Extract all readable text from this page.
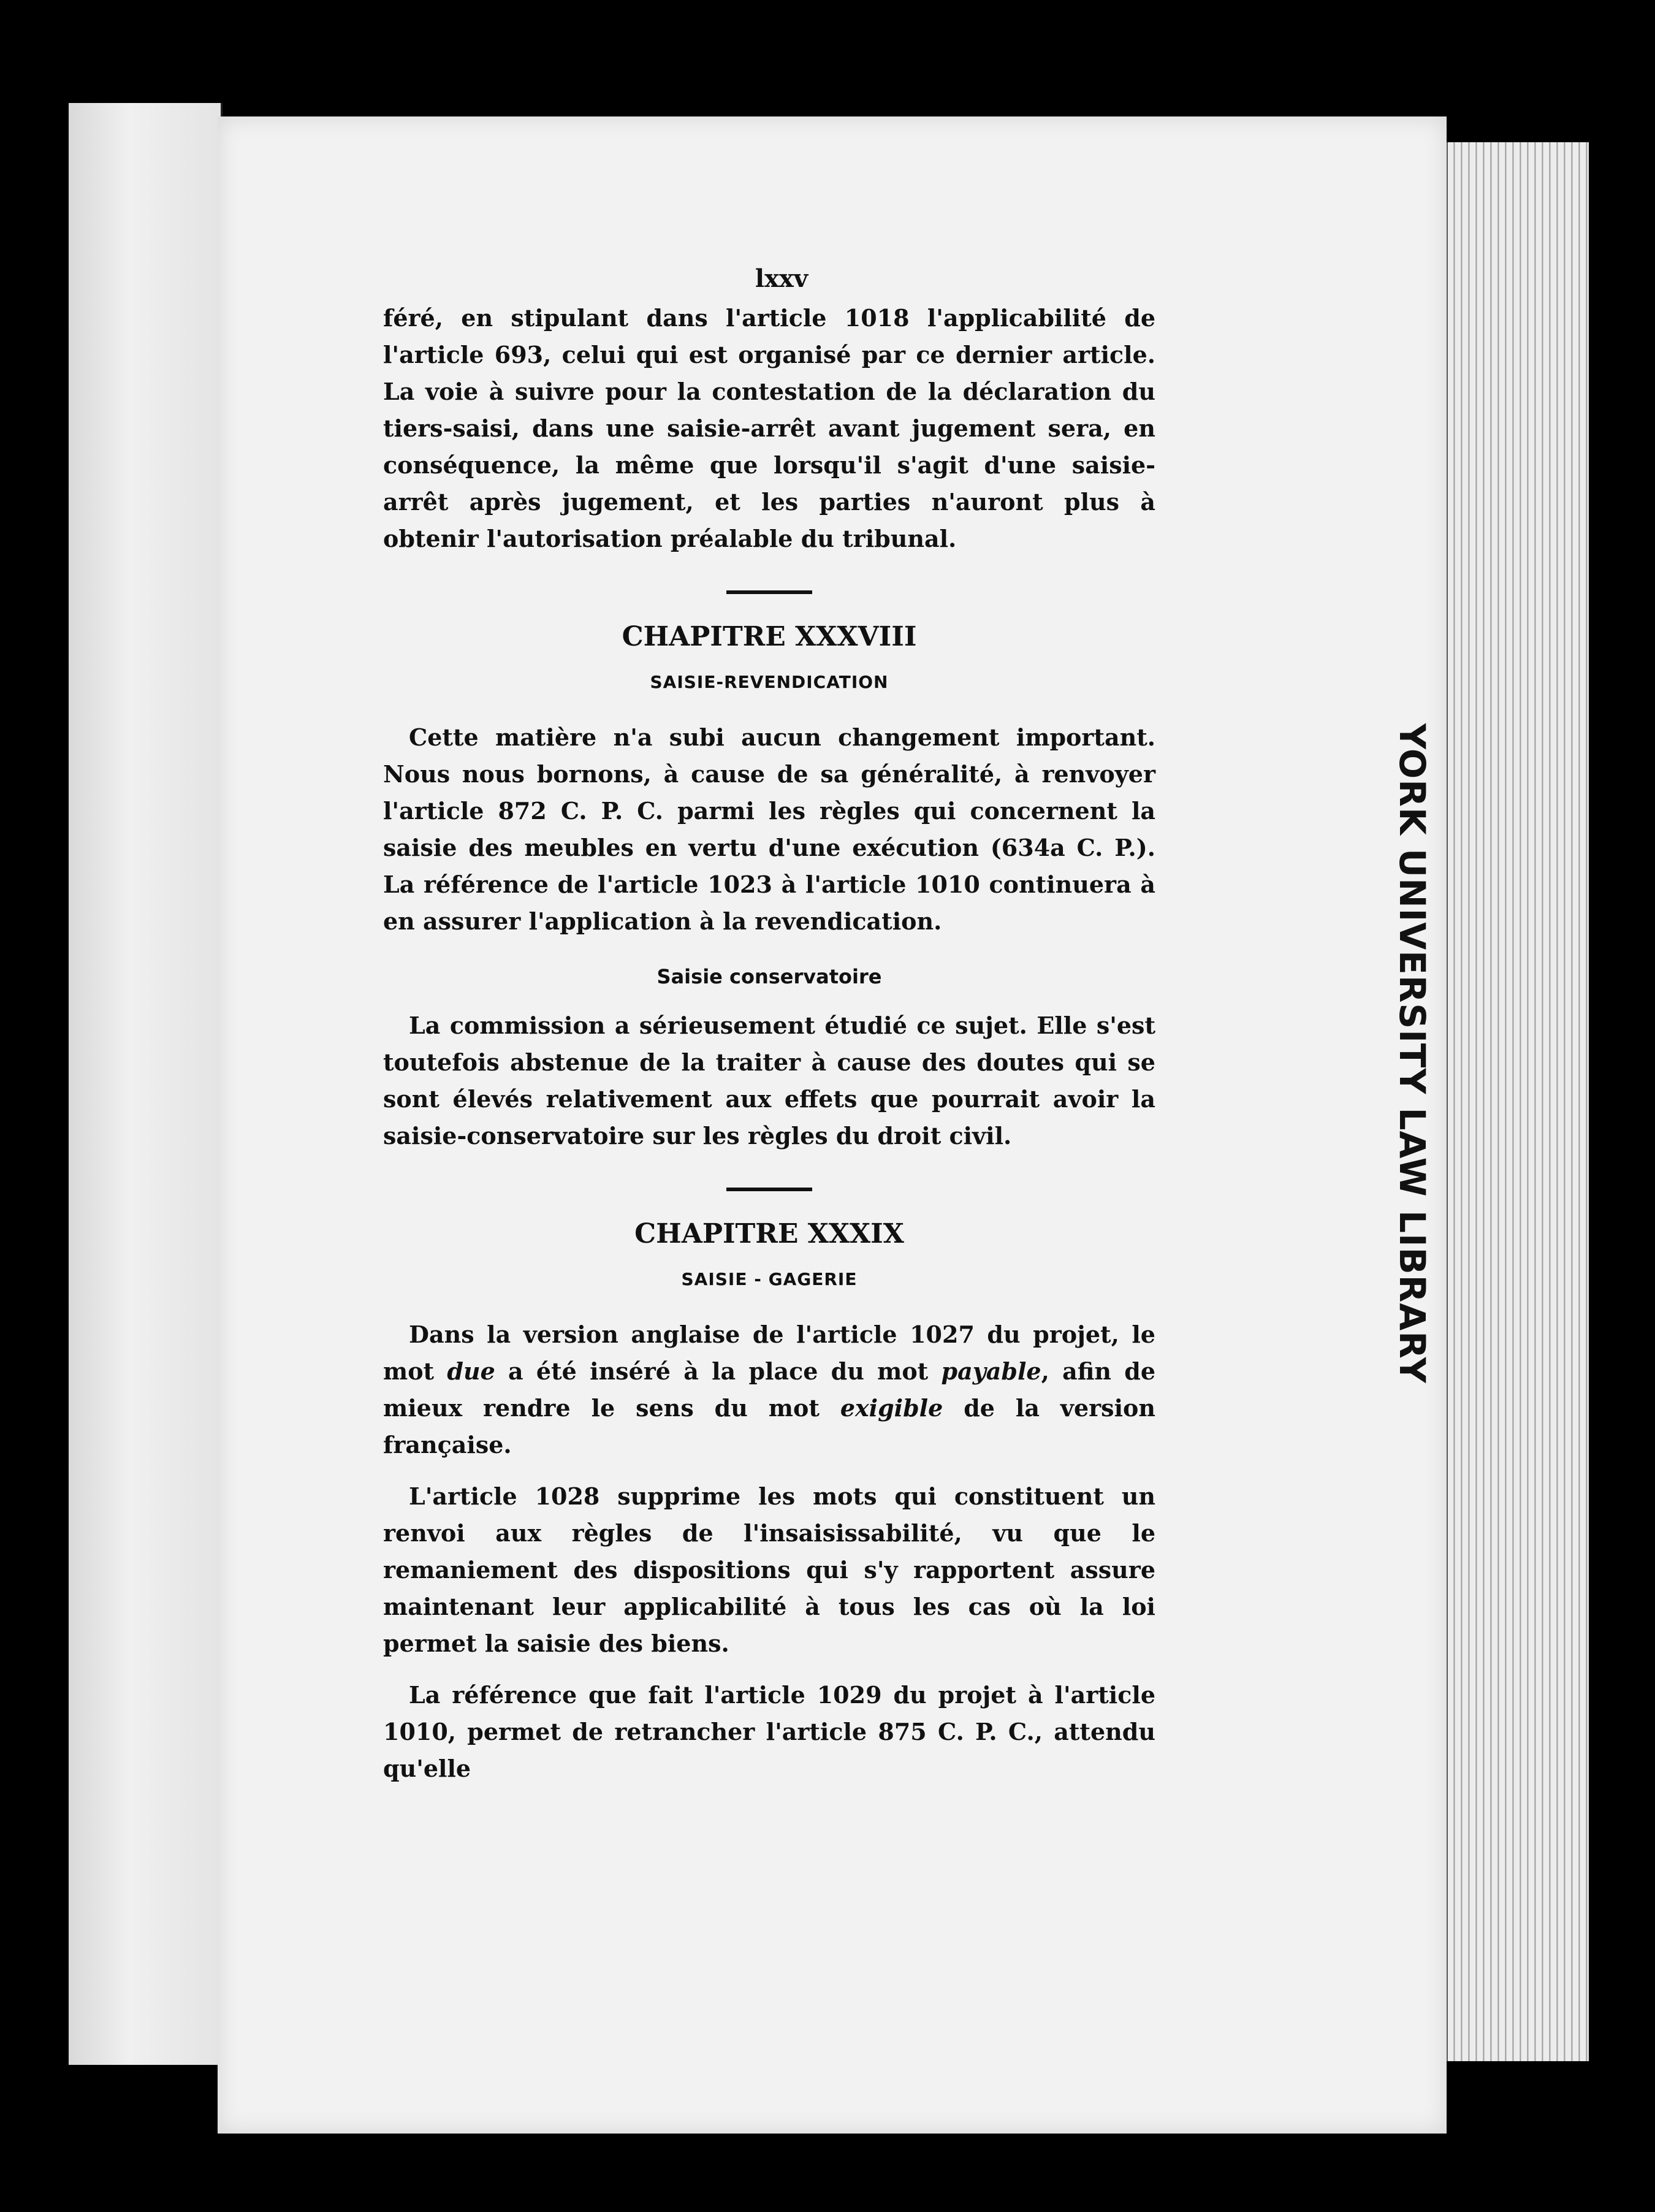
lxxv

féré, en stipulant dans l'article 1018 l'applicabilité de l'article 693, celui qui est organisé par ce dernier article. La voie à suivre pour la contestation de la déclaration du tiers-saisi, dans une saisie-arrêt avant jugement sera, en conséquence, la même que lorsqu'il s'agit d'une saisie-arrêt après jugement, et les parties n'auront plus à obtenir l'autorisation préalable du tribunal.

CHAPITRE XXXVIII
SAISIE-REVENDICATION

Cette matière n'a subi aucun changement important. Nous nous bornons, à cause de sa généralité, à renvoyer l'article 872 C. P. C. parmi les règles qui concernent la saisie des meubles en vertu d'une exécution (634a C. P.). La référence de l'article 1023 à l'article 1010 continuera à en assurer l'application à la revendication.

Saisie conservatoire

La commission a sérieusement étudié ce sujet. Elle s'est toutefois abstenue de la traiter à cause des doutes qui se sont élevés relativement aux effets que pourrait avoir la saisie-conservatoire sur les règles du droit civil.

CHAPITRE XXXIX
SAISIE - GAGERIE

Dans la version anglaise de l'article 1027 du projet, le mot due a été inséré à la place du mot payable, afin de mieux rendre le sens du mot exigible de la version française.

L'article 1028 supprime les mots qui constituent un renvoi aux règles de l'insaisissabilité, vu que le remaniement des dispositions qui s'y rapportent assure maintenant leur applicabilité à tous les cas où la loi permet la saisie des biens.

La référence que fait l'article 1029 du projet à l'article 1010, permet de retrancher l'article 875 C. P. C., attendu qu'elle
